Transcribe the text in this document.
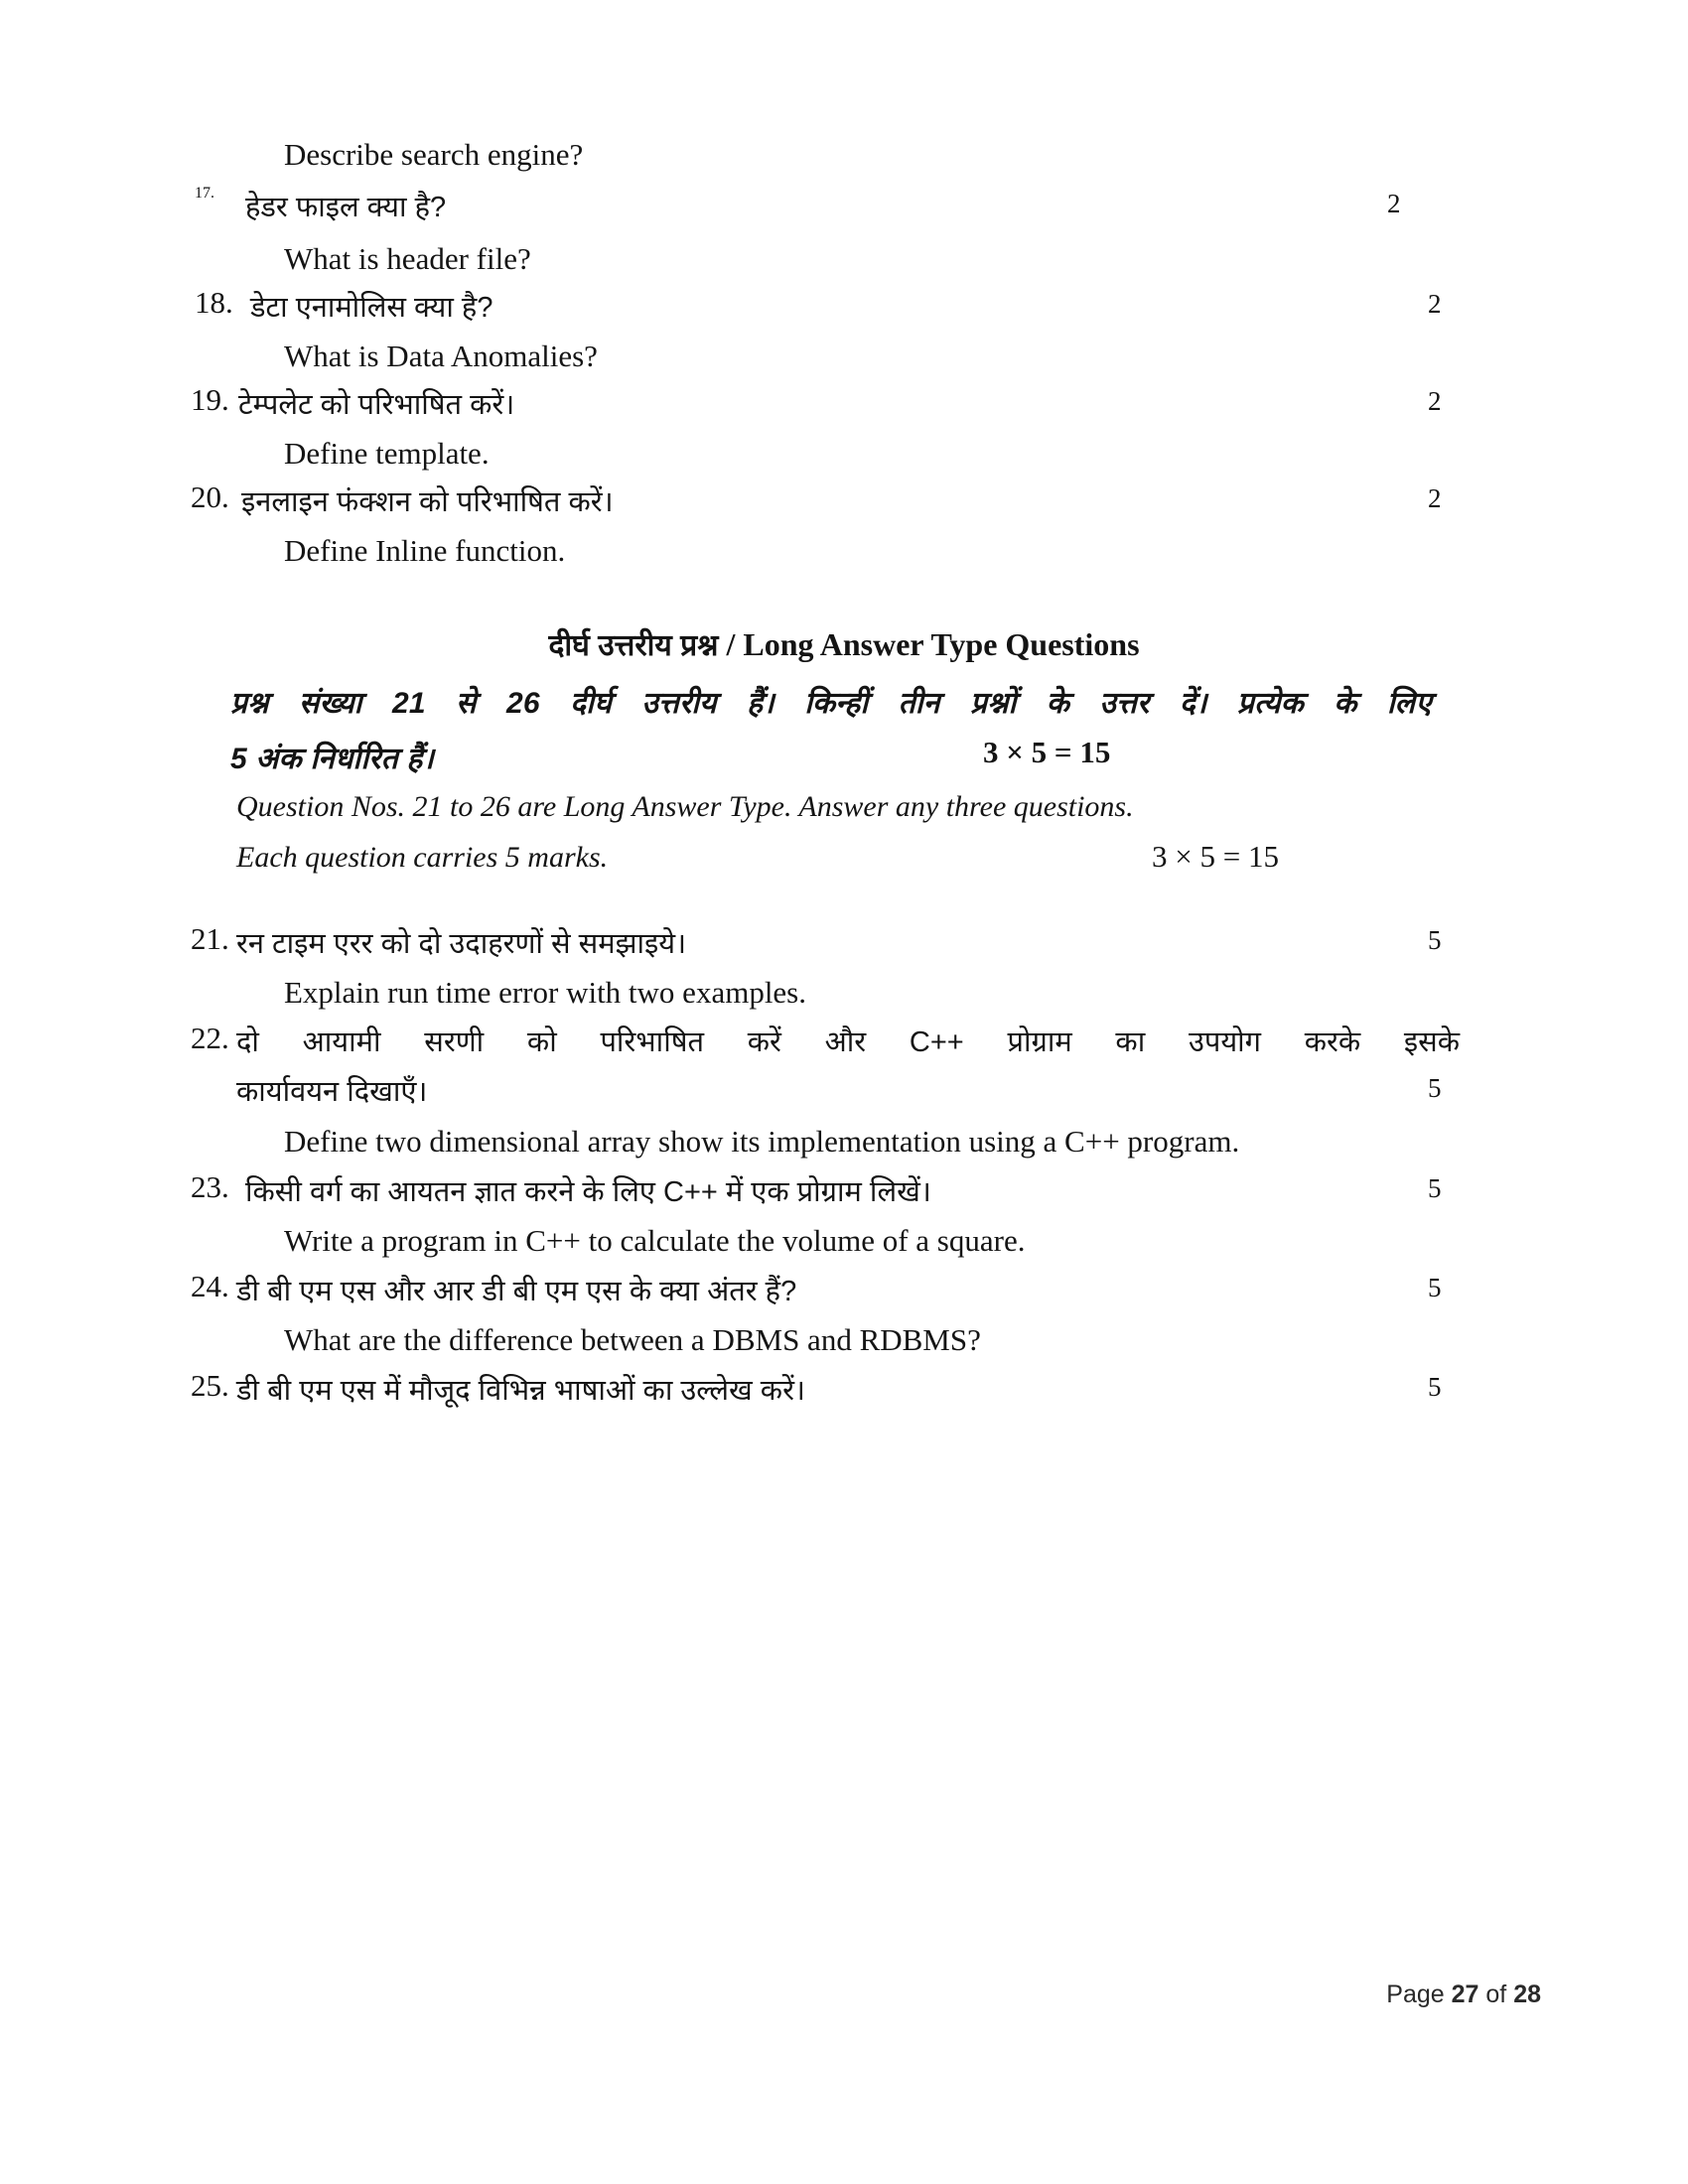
Describe search engine?
17. हेडर फाइल क्या है?	2
What is header file?
18. डेटा एनामोलिस क्या है?	2
What is Data Anomalies?
19. टेम्पलेट को परिभाषित करें।	2
Define template.
20. इनलाइन फंक्शन को परिभाषित करें।	2
Define Inline function.
दीर्घ उत्तरीय प्रश्न / Long Answer Type Questions
प्रश्न संख्या 21 से 26 दीर्घ उत्तरीय हैं। किन्हीं तीन प्रश्नों के उत्तर दें। प्रत्येक के लिए
5 अंक निर्धारित हैं।	3 × 5 = 15
Question Nos. 21 to 26 are Long Answer Type. Answer any three questions.
Each question carries 5 marks.	3 × 5 = 15
21. रन टाइम एरर को दो उदाहरणों से समझाइये।	5
Explain run time error with two examples.
22. दो आयामी सरणी को परिभाषित करें और C++ प्रोग्राम का उपयोग करके इसके
कार्यावयन दिखाएँ।	5
Define two dimensional array show its implementation using a C++ program.
23. किसी वर्ग का आयतन ज्ञात करने के लिए C++ में एक प्रोग्राम लिखें।	5
Write a program in C++ to calculate the volume of a square.
24. डी बी एम एस और आर डी बी एम एस के क्या अंतर हैं?	5
What are the difference between a DBMS and RDBMS?
25. डी बी एम एस में मौजूद विभिन्न भाषाओं का उल्लेख करें।	5
Page 27 of 28
